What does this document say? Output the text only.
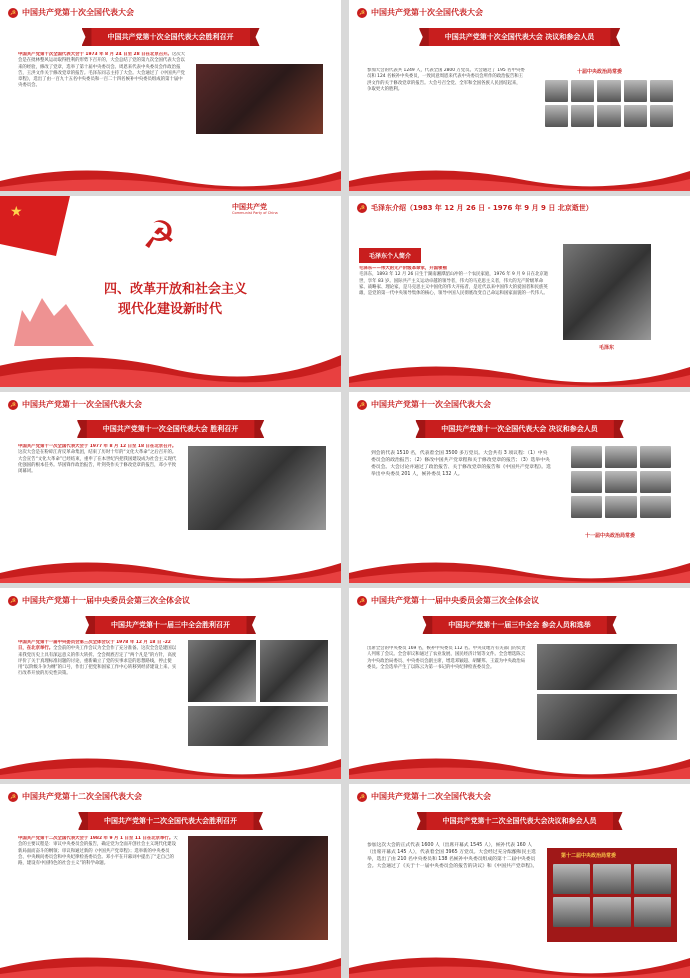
☭ 中国共产党第十次全国代表大会
中国共产党第十次全国代表大会胜利召开
中国共产党第十次全国代表大会于 1973 年 8 月 24 日至 28 日在北京召开。这次大会是在批林整风运动取得胜利的形势下召开的，大会总结了党的第九次全国代表大会以来的经验，修改了党章，选举了第十届中央委员会。周恩来代表中央委员会作政治报告，王洪文作关于修改党章的报告。毛泽东同志主持了大会。大会通过了《中国共产党章程》，选出了由一百九十五名中央委员和一百二十四名候补中央委员组成的第十届中央委员会。
☭ 中国共产党第十次全国代表大会
中国共产党第十次全国代表大会 决议和参会人员
参加大会的代表共 1249 人，代表全国 2800 万党员。大会通过了 195 名中央委员和 124 名候补中央委员，一致同意周恩来代表中央委员会所作的政治报告和王洪文作的关于修改党章的报告。大会号召全党、全军和全国各族人民团结起来，争取更大的胜利。
十届中央政治局常委
★	中国共产党
Communist Party of China
☭
四、改革开放和社会主义
现代化建设新时代
☭ 毛泽东介绍（1983 年 12 月 26 日 - 1976 年 9 月 9 日 北京逝世）
毛泽东个人简介
毛泽东——伟大的无产阶级革命家，开国领袖
毛泽东，1893 年 12 月 26 日生于湖南湘潭韶山冲的一个农民家庭，1976 年 9 月 9 日在北京逝世，享年 83 岁。国际共产主义运动卓越的领导者，伟大的马克思主义者，伟大的无产阶级革命家、战略家、理论家，是马克思主义中国化的伟大开拓者，是近代以来中国伟大的爱国者和民族英雄，是党的第一代中央领导集体的核心，领导中国人民彻底改变自己命运和国家面貌的一代伟人。
毛泽东
☭ 中国共产党第十一次全国代表大会
中国共产党第十一次全国代表大会 胜利召开
中国共产党第十一次全国代表大会于 1977 年 8 月 12 日至 18 日在北京召开。这次大会是在粉碎江青反革命集团，结束了历时十年的“文化大革命”之后召开的。大会宣告“文化大革命”已经结束，重申了在本世纪内把我国建设成为社会主义现代化强国的根本任务。华国锋作政治报告，叶剑英作关于修改党章的报告，邓小平致闭幕词。
☭ 中国共产党第十一次全国代表大会
中国共产党第十一次全国代表大会 决议和参会人员
到会的代表 1510 名，代表着全国 3500 多万党员。大会共有 3 项议程：（1）中央委员会的政治报告；（2）修改中国共产党章程和关于修改党章的报告；（3）选举中央委员会。大会讨论并通过了政治报告、关于修改党章的报告和《中国共产党章程》。选举出中央委员 201 人，候补委员 132 人。
十一届中央政治局常委
☭ 中国共产党第十一届中央委员会第三次全体会议
中国共产党第十一届三中全会胜利召开
中国共产党第十一届中央委员会第三次全体会议于 1978 年 12 月 18 日 -22 日，在北京举行。全会前的中央工作会议为全会作了充分准备。这次全会是建国以来我党历史上具有深远意义的伟大转折。全会彻底否定了“两个凡是”的方针，高度评价了关于真理标准问题的讨论，重新确立了党的实事求是的思想路线，停止使用“以阶级斗争为纲”的口号，作出了把党和国家工作中心转移到经济建设上来、实行改革开放的历史性决策。
☭ 中国共产党第十一届中央委员会第三次全体会议
中国共产党第十一届三中全会 参会人员和选举
出席全会的中央委员 169 名，候补中央委员 112 名。中央及地方有关部门的负责人列席了会议。全会审议和通过了农业发展、国民经济计划等文件。全会增选陈云为中央政治局委员、中央委员会副主席，增选邓颖超、胡耀邦、王震为中央政治局委员。全会选举产生了以陈云为第一书记的中央纪律检查委员会。
☭ 中国共产党第十二次全国代表大会
中国共产党第十二次全国代表大会胜利召开
中国共产党第十二次全国代表大会于 1982 年 9 月 1 日至 11 日在北京举行。大会的主要议程是：审议中央委员会的报告，确定党为全面开创社会主义现代化建设新局面而奋斗的纲领；审议和通过新的《中国共产党章程》；选举新的中央委员会、中央顾问委员会和中央纪律检查委员会。邓小平在开幕词中提出了“走自己的路，建设有中国特色的社会主义”的科学命题。
☭ 中国共产党第十二次全国代表大会
中国共产党第十二次全国代表大会决议和参会人员
参加这次大会的正式代表 1600 人（出席开幕式 1545 人），候补代表 160 人（出席开幕式 145 人），代表着全国 3965 万党员。大会经过充分酝酿和民主选举，选出了由 210 名中央委员和 138 名候补中央委员组成的第十二届中央委员会。大会通过了《关于十一届中央委员会的报告的决议》和《中国共产党章程》。
第十二届中央政治局常委
